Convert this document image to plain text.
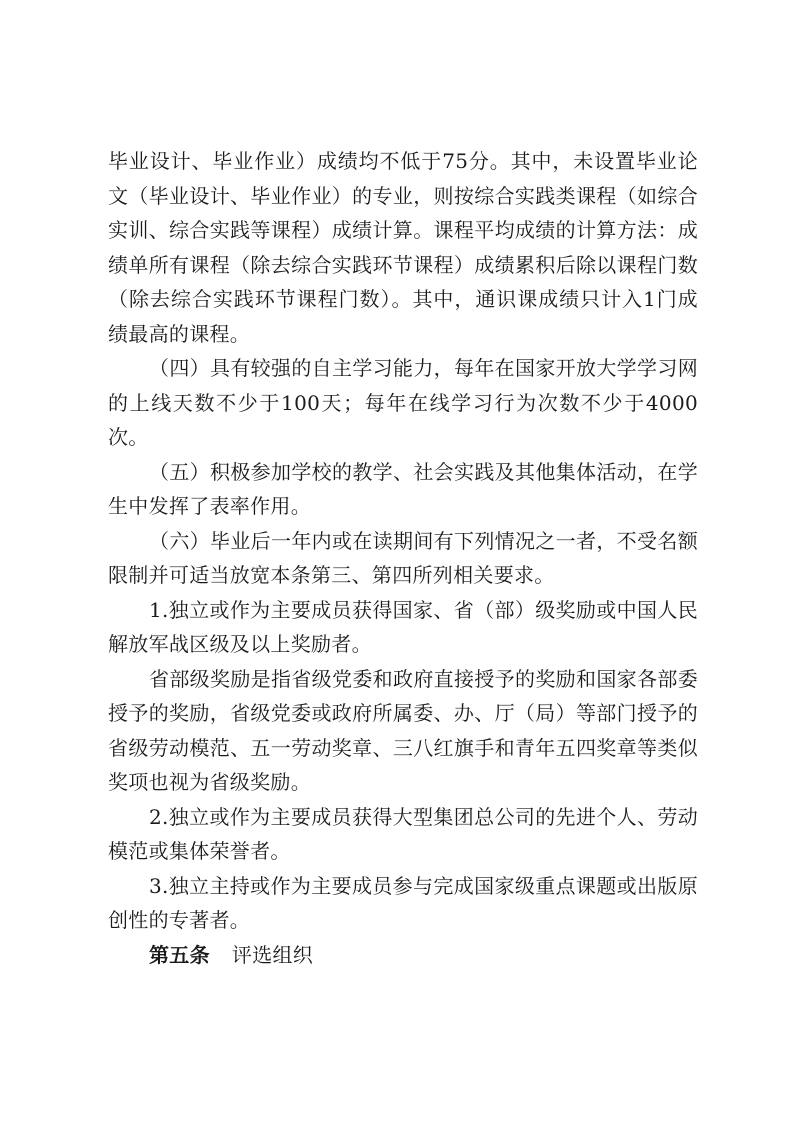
毕业设计、毕业作业）成绩均不低于75分。其中，未设置毕业论文（毕业设计、毕业作业）的专业，则按综合实践类课程（如综合实训、综合实践等课程）成绩计算。课程平均成绩的计算方法：成绩单所有课程（除去综合实践环节课程）成绩累积后除以课程门数（除去综合实践环节课程门数）。其中，通识课成绩只计入1门成绩最高的课程。

（四）具有较强的自主学习能力，每年在国家开放大学学习网的上线天数不少于100天；每年在线学习行为次数不少于4000次。

（五）积极参加学校的教学、社会实践及其他集体活动，在学生中发挥了表率作用。

（六）毕业后一年内或在读期间有下列情况之一者，不受名额限制并可适当放宽本条第三、第四所列相关要求。

1.独立或作为主要成员获得国家、省（部）级奖励或中国人民解放军战区级及以上奖励者。

省部级奖励是指省级党委和政府直接授予的奖励和国家各部委授予的奖励，省级党委或政府所属委、办、厅（局）等部门授予的省级劳动模范、五一劳动奖章、三八红旗手和青年五四奖章等类似奖项也视为省级奖励。

2.独立或作为主要成员获得大型集团总公司的先进个人、劳动模范或集体荣誉者。

3.独立主持或作为主要成员参与完成国家级重点课题或出版原创性的专著者。

第五条 评选组织
